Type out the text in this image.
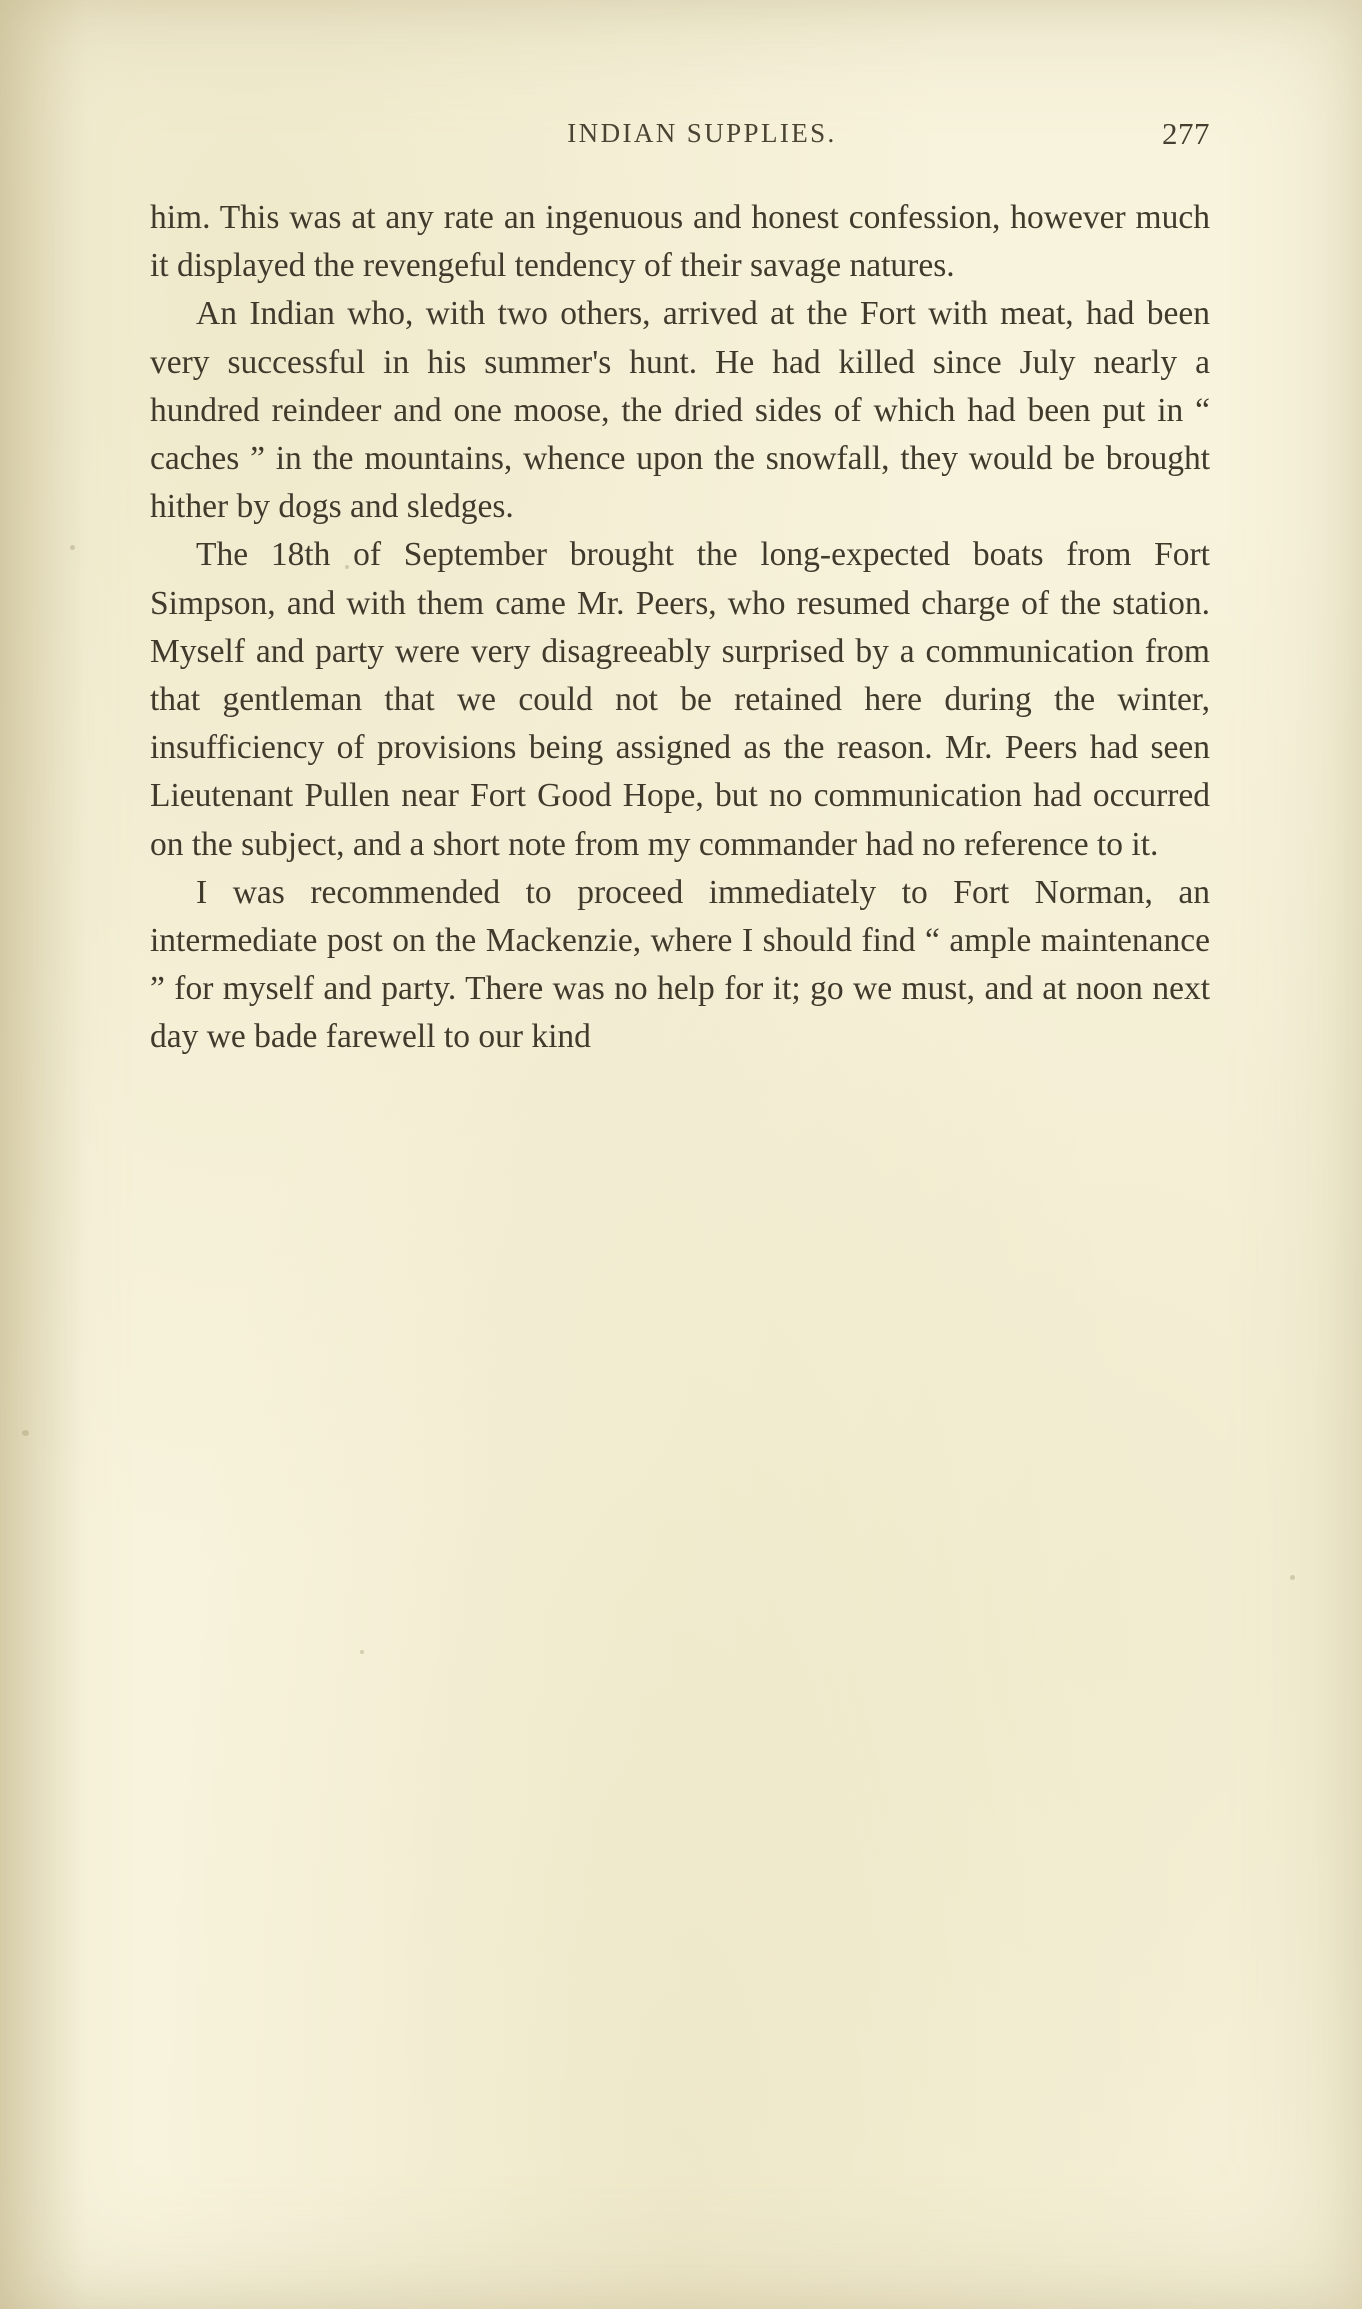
INDIAN SUPPLIES.	277

him. This was at any rate an ingenuous and honest confession, however much it displayed the revengeful tendency of their savage natures.

An Indian who, with two others, arrived at the Fort with meat, had been very successful in his summer's hunt. He had killed since July nearly a hundred reindeer and one moose, the dried sides of which had been put in “ caches ” in the mountains, whence upon the snowfall, they would be brought hither by dogs and sledges.

The 18th of September brought the long-expected boats from Fort Simpson, and with them came Mr. Peers, who resumed charge of the station. Myself and party were very disagreeably surprised by a communication from that gentleman that we could not be retained here during the winter, insufficiency of provisions being assigned as the reason. Mr. Peers had seen Lieutenant Pullen near Fort Good Hope, but no communication had occurred on the subject, and a short note from my commander had no reference to it.

I was recommended to proceed immediately to Fort Norman, an intermediate post on the Mackenzie, where I should find “ ample maintenance ” for myself and party. There was no help for it; go we must, and at noon next day we bade farewell to our kind
